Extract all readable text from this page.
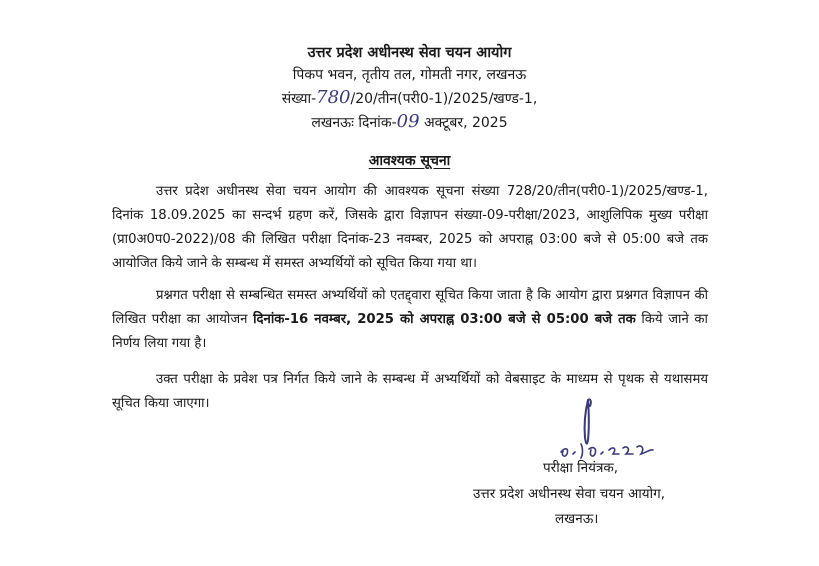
उत्तर प्रदेश अधीनस्थ सेवा चयन आयोग
पिकप भवन, तृतीय तल, गोमती नगर, लखनऊ
संख्या-780/20/तीन(परी0-1)/2025/खण्ड-1,
लखनऊः दिनांक-09 अक्टूबर, 2025
आवश्यक सूचना
उत्तर प्रदेश अधीनस्थ सेवा चयन आयोग की आवश्यक सूचना संख्या 728/20/तीन(परी0-1)/2025/खण्ड-1, दिनांक 18.09.2025 का सन्दर्भ ग्रहण करें, जिसके द्वारा विज्ञापन संख्या-09-परीक्षा/2023, आशुलिपिक मुख्य परीक्षा (प्रा0अ0प0-2022)/08 की लिखित परीक्षा दिनांक-23 नवम्बर, 2025 को अपराह्न 03:00 बजे से 05:00 बजे तक आयोजित किये जाने के सम्बन्ध में समस्त अभ्यर्थियों को सूचित किया गया था।
प्रश्नगत परीक्षा से सम्बन्धित समस्त अभ्यर्थियों को एतद्द्वारा सूचित किया जाता है कि आयोग द्वारा प्रश्नगत विज्ञापन की लिखित परीक्षा का आयोजन दिनांक-16 नवम्बर, 2025 को अपराह्न 03:00 बजे से 05:00 बजे तक किये जाने का निर्णय लिया गया है।
उक्त परीक्षा के प्रवेश पत्र निर्गत किये जाने के सम्बन्ध में अभ्यर्थियों को वेबसाइट के माध्यम से पृथक से यथासमय सूचित किया जाएगा।
परीक्षा नियंत्रक,
उत्तर प्रदेश अधीनस्थ सेवा चयन आयोग,
लखनऊ।
